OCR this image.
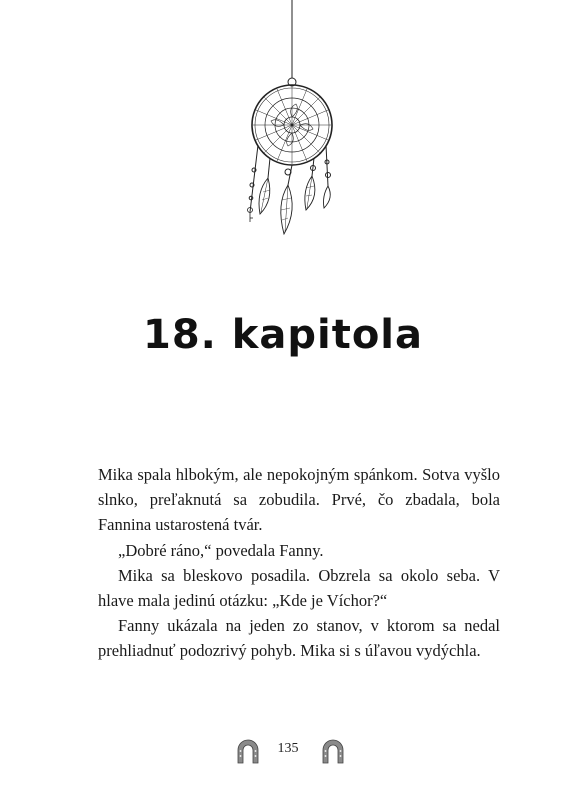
18. kapitola

Mika spala hlbokým, ale nepokojným spánkom. Sotva vyšlo slnko, preľaknutá sa zobudila. Prvé, čo zbadala, bola Fannina ustarostená tvár.

„Dobré ráno,“ povedala Fanny.

Mika sa bleskovo posadila. Obzrela sa okolo seba. V hlave mala jedinú otázku: „Kde je Víchor?“

Fanny ukázala na jeden zo stanov, v ktorom sa nedal prehliadnuť podozrivý pohyb. Mika si s úľavou vydýchla.

135
